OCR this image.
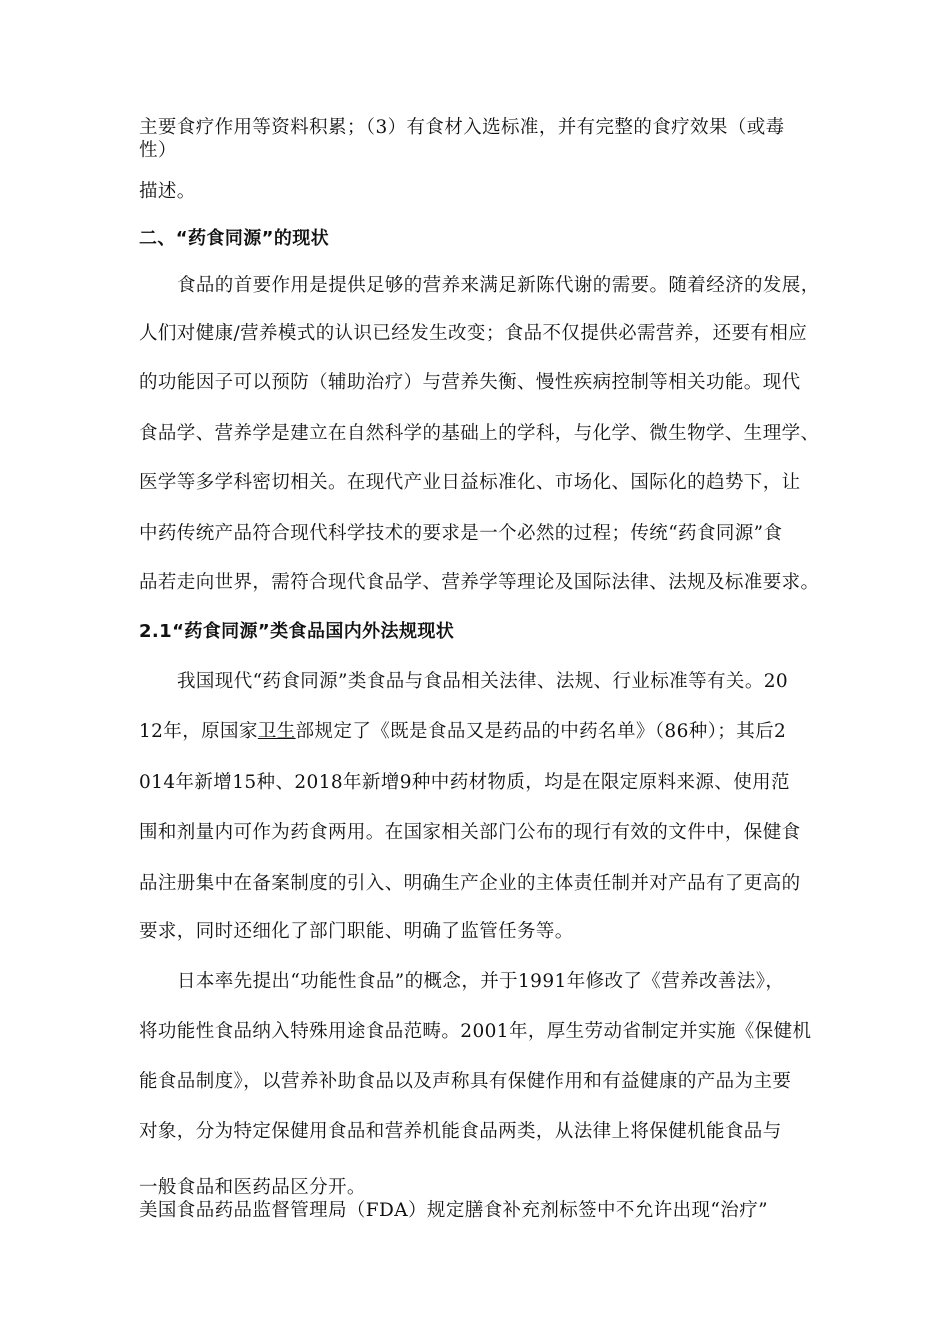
主要食疗作用等资料积累；（3）有食材入选标准，并有完整的食疗效果（或毒
性）
描述。
二、“药食同源”的现状
食品的首要作用是提供足够的营养来满足新陈代谢的需要。随着经济的发展，
人们对健康/营养模式的认识已经发生改变；食品不仅提供必需营养，还要有相应
的功能因子可以预防（辅助治疗）与营养失衡、慢性疾病控制等相关功能。现代
食品学、营养学是建立在自然科学的基础上的学科，与化学、微生物学、生理学、
医学等多学科密切相关。在现代产业日益标准化、市场化、国际化的趋势下，让
中药传统产品符合现代科学技术的要求是一个必然的过程；传统“药食同源”食
品若走向世界，需符合现代食品学、营养学等理论及国际法律、法规及标准要求。
2.1“药食同源”类食品国内外法规现状
我国现代“药食同源”类食品与食品相关法律、法规、行业标准等有关。20
12年，原国家卫生部规定了《既是食品又是药品的中药名单》（86种）；其后2
014年新增15种、2018年新增9种中药材物质，均是在限定原料来源、使用范
围和剂量内可作为药食两用。在国家相关部门公布的现行有效的文件中，保健食
品注册集中在备案制度的引入、明确生产企业的主体责任制并对产品有了更高的
要求，同时还细化了部门职能、明确了监管任务等。
日本率先提出“功能性食品”的概念，并于1991年修改了《营养改善法》，
将功能性食品纳入特殊用途食品范畴。2001年，厚生劳动省制定并实施《保健机
能食品制度》，以营养补助食品以及声称具有保健作用和有益健康的产品为主要
对象，分为特定保健用食品和营养机能食品两类，从法律上将保健机能食品与
一般食品和医药品区分开。
美国食品药品监督管理局（FDA）规定膳食补充剂标签中不允许出现“治疗”
